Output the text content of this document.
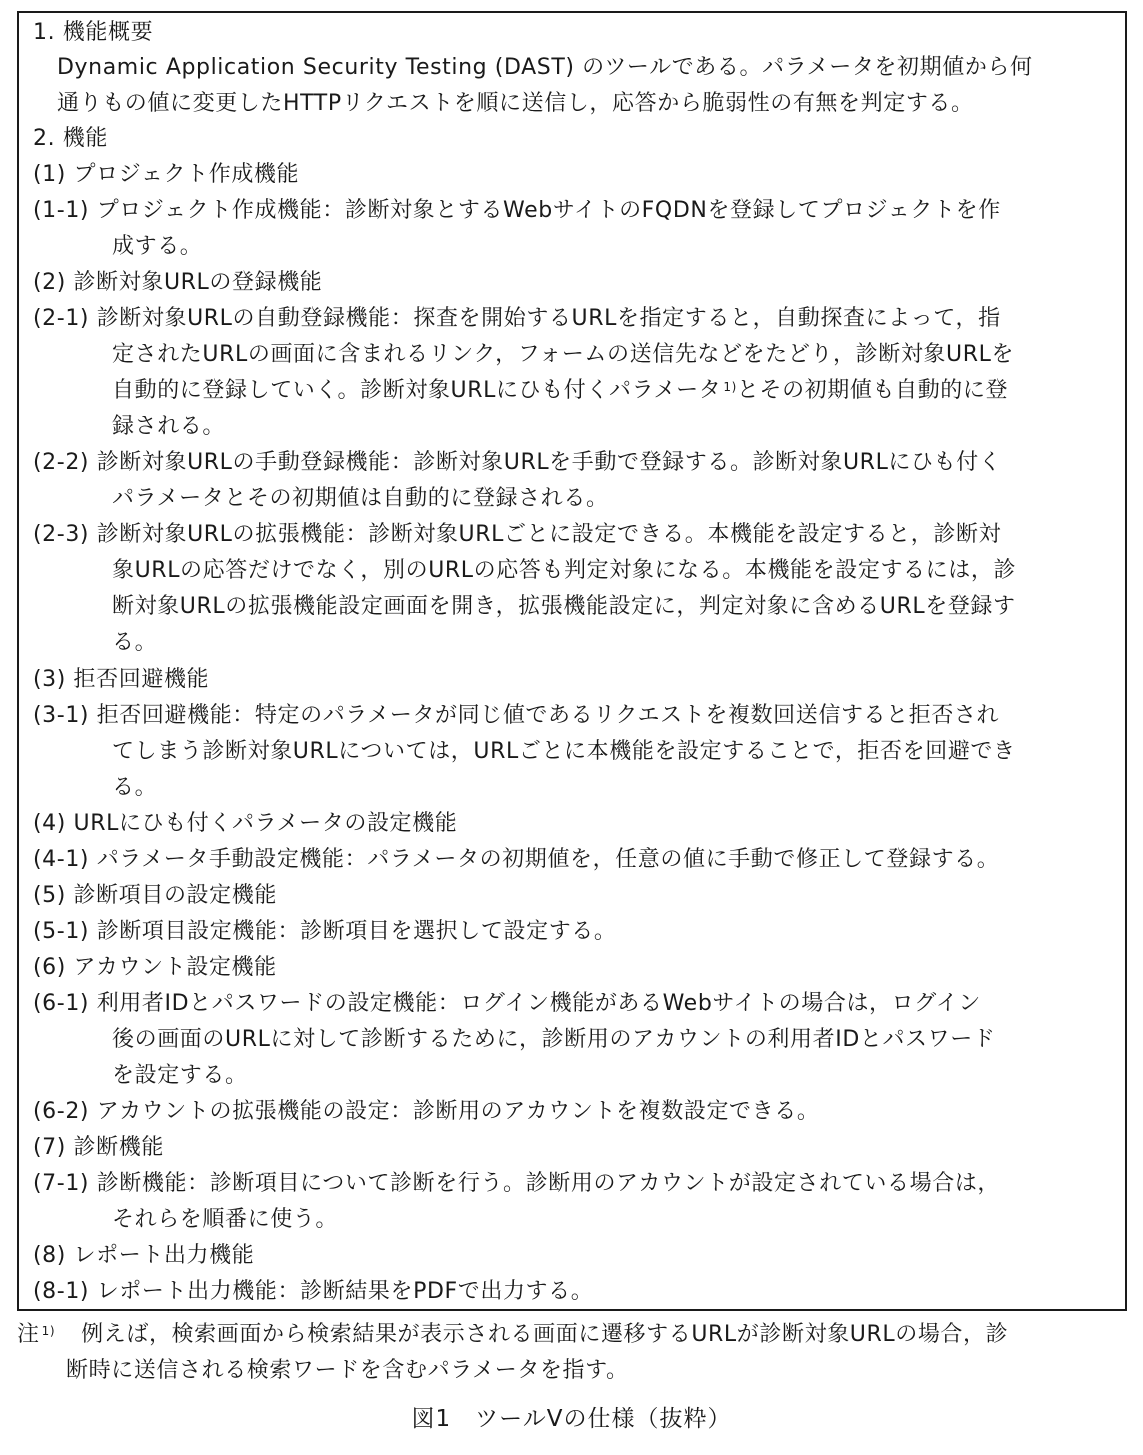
1. 機能概要
Dynamic Application Security Testing (DAST) のツールである。パラメータを初期値から何
通りもの値に変更したHTTPリクエストを順に送信し，応答から脆弱性の有無を判定する。
2. 機能
(1) プロジェクト作成機能
(1-1) プロジェクト作成機能：診断対象とするWebサイトのFQDNを登録してプロジェクトを作
成する。
(2) 診断対象URLの登録機能
(2-1) 診断対象URLの自動登録機能：探査を開始するURLを指定すると，自動探査によって，指
定されたURLの画面に含まれるリンク，フォームの送信先などをたどり，診断対象URLを
自動的に登録していく。診断対象URLにひも付くパラメータ $^{1)}$とその初期値も自動的に登
録される。
(2-2) 診断対象URLの手動登録機能：診断対象URLを手動で登録する。診断対象URLにひも付く
パラメータとその初期値は自動的に登録される。
(2-3) 診断対象URLの拡張機能：診断対象URLごとに設定できる。本機能を設定すると，診断対
象URLの応答だけでなく，別のURLの応答も判定対象になる。本機能を設定するには，診
断対象URLの拡張機能設定画面を開き，拡張機能設定に，判定対象に含めるURLを登録す
る。
(3) 拒否回避機能
(3-1) 拒否回避機能：特定のパラメータが同じ値であるリクエストを複数回送信すると拒否され
てしまう診断対象URLについては，URLごとに本機能を設定することで，拒否を回避でき
る。
(4) URLにひも付くパラメータの設定機能
(4-1) パラメータ手動設定機能：パラメータの初期値を，任意の値に手動で修正して登録する。
(5) 診断項目の設定機能
(5-1) 診断項目設定機能：診断項目を選択して設定する。
(6) アカウント設定機能
(6-1) 利用者IDとパスワードの設定機能：ログイン機能があるWebサイトの場合は，ログイン
後の画面のURLに対して診断するために，診断用のアカウントの利用者IDとパスワード
を設定する。
(6-2) アカウントの拡張機能の設定：診断用のアカウントを複数設定できる。
(7) 診断機能
(7-1) 診断機能：診断項目について診断を行う。診断用のアカウントが設定されている場合は，
それらを順番に使う。
(8) レポート出力機能
(8-1) レポート出力機能：診断結果をPDFで出力する。
注 $^{1)}$ 例えば，検索画面から検索結果が表示される画面に遷移するURLが診断対象URLの場合，診
断時に送信される検索ワードを含むパラメータを指す。
図1　ツールVの仕様（抜粋）
